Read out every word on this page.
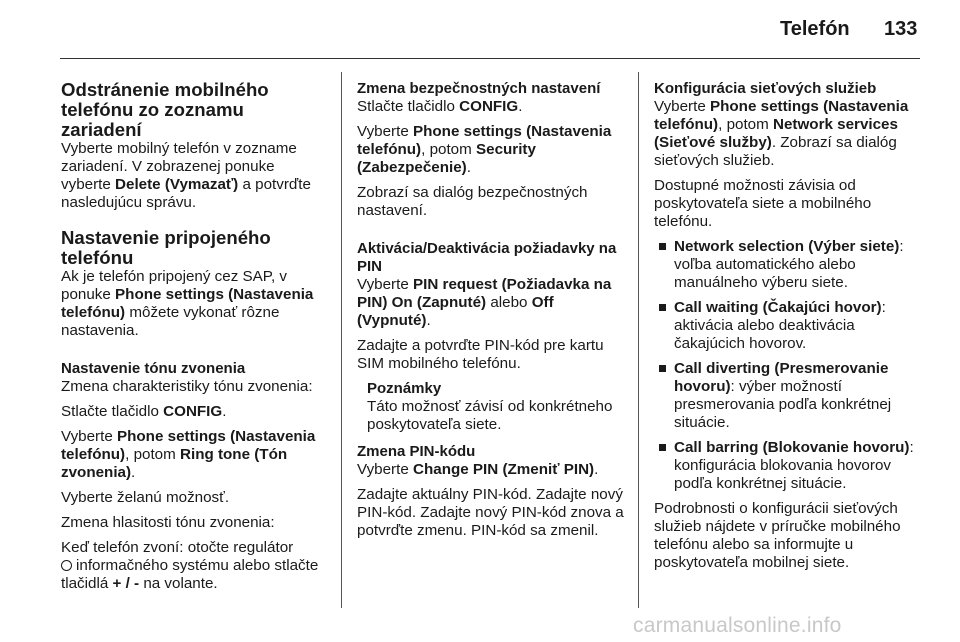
Telefón 133
Odstránenie mobilného telefónu zo zoznamu zariadení

Vyberte mobilný telefón v zozname zariadení. V zobrazenej ponuke vyberte Delete (Vymazať) a potvrďte nasledujúcu správu.

Nastavenie pripojeného telefónu

Ak je telefón pripojený cez SAP, v ponuke Phone settings (Nastavenia telefónu) môžete vykonať rôzne nastavenia.

Nastavenie tónu zvonenia

Zmena charakteristiky tónu zvonenia:

Stlačte tlačidlo CONFIG.

Vyberte Phone settings (Nastavenia telefónu), potom Ring tone (Tón zvonenia).

Vyberte želanú možnosť.

Zmena hlasitosti tónu zvonenia:

Keď telefón zvoní: otočte regulátor
informačného systému alebo stlačte tlačidlá + / - na volante.

Zmena bezpečnostných nastavení

Stlačte tlačidlo CONFIG.

Vyberte Phone settings (Nastavenia telefónu), potom Security (Zabezpečenie).

Zobrazí sa dialóg bezpečnostných nastavení.

Aktivácia/Deaktivácia požiadavky na PIN

Vyberte PIN request (Požiadavka na PIN) On (Zapnuté) alebo Off (Vypnuté).

Zadajte a potvrďte PIN-kód pre kartu SIM mobilného telefónu.

Poznámky
Táto možnosť závisí od konkrétneho poskytovateľa siete.
Zmena PIN-kódu

Vyberte Change PIN (Zmeniť PIN).

Zadajte aktuálny PIN-kód. Zadajte nový PIN-kód. Zadajte nový PIN-kód znova a potvrďte zmenu. PIN-kód sa zmenil.

Konfigurácia sieťových služieb

Vyberte Phone settings (Nastavenia telefónu), potom Network services (Sieťové služby). Zobrazí sa dialóg sieťových služieb.

Dostupné možnosti závisia od poskytovateľa siete a mobilného telefónu.

Network selection (Výber siete): voľba automatického alebo manuálneho výberu siete.
Call waiting (Čakajúci hovor): aktivácia alebo deaktivácia čakajúcich hovorov.
Call diverting (Presmerovanie hovoru): výber možností presmerovania podľa konkrétnej situácie.
Call barring (Blokovanie hovoru): konfigurácia blokovania hovorov podľa konkrétnej situácie.

Podrobnosti o konfigurácii sieťových služieb nájdete v príručke mobilného telefónu alebo sa informujte u poskytovateľa mobilnej siete.

carmanualsonline.info
